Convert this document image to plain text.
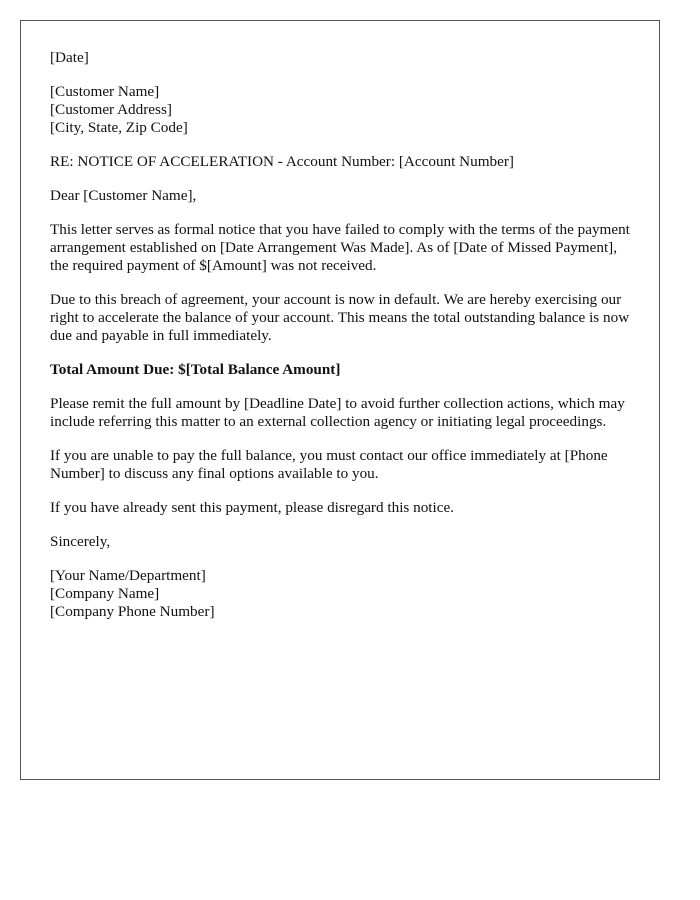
[Date]

[Customer Name]
[Customer Address]
[City, State, Zip Code]

RE: NOTICE OF ACCELERATION - Account Number: [Account Number]

Dear [Customer Name],

This letter serves as formal notice that you have failed to comply with the terms of the payment arrangement established on [Date Arrangement Was Made]. As of [Date of Missed Payment], the required payment of $[Amount] was not received.

Due to this breach of agreement, your account is now in default. We are hereby exercising our right to accelerate the balance of your account. This means the total outstanding balance is now due and payable in full immediately.

Total Amount Due: $[Total Balance Amount]

Please remit the full amount by [Deadline Date] to avoid further collection actions, which may include referring this matter to an external collection agency or initiating legal proceedings.

If you are unable to pay the full balance, you must contact our office immediately at [Phone Number] to discuss any final options available to you.

If you have already sent this payment, please disregard this notice.

Sincerely,

[Your Name/Department]
[Company Name]
[Company Phone Number]
